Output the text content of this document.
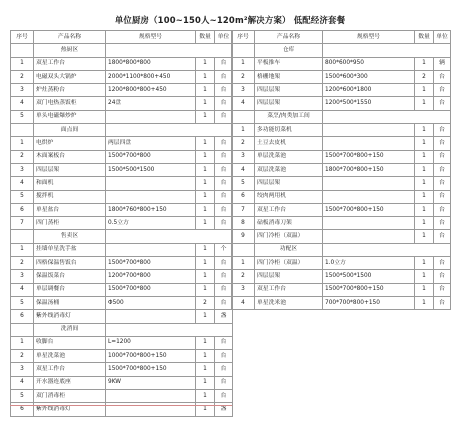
单位厨房（100~150人~120m²解决方案） 低配经济套餐
序号	产品名称	规格型号	数量	单位
	热厨区			
1	双星工作台	1800*800*800	1	台
2	电磁双头大锅炉	2000*1100*800+450	1	台
3	炉灶蒸粉台	1200*800*800+450	1	台
4	双门电热蒸饭柜	24盘	1	台
5	单头电磁爆炒炉		1	台
	面点间			
1	电烘炉	两层四盘	1	台
2	木面案板台	1500*700*800	1	台
3	四层层架	1500*500*1500	1	台
4	和面机		1	台
5	搅拌机		1	台
6	单星盆台	1800*760*800+150	1	台
7	四门蒸柜	0.5立方	1	台
	售卖区			
1	挂墙单星洗手盆		1	个
2	四格保温售饭台	1500*700*800	1	台
3	保温饭菜台	1200*700*800	1	台
4	单层调餐台	1500*700*800	1	台
5	保温汤桶	Φ500	2	台
6	紫外线消毒灯		1	盏
	洗消间			
1	收脚台	L=1200	1	台
2	单星洗菜池	1000*700*800+150	1	台
3	双星工作台	1500*700*800+150	1	台
4	开水器连底座	9KW	1	台
5	双门消毒柜		1	台
6	紫外线消毒灯		1	盏
序号	产品名称	规格型号	数量	单位
	仓库			
1	平板推车	800*600*950	1	辆
2	格栅地架	1500*600*300	2	台
3	四层层架	1200*600*1800	1	台
4	四层层架	1200*500*1550	1	台
	菜烹/肉类加工间			
1	多功能切菜机		1	台
2	土豆去皮机		1	台
3	单层洗菜池	1500*700*800+150	1	台
4	双层洗菜池	1800*700*800+150	1	台
5	四层层架		1	台
6	绞肉两用机		1	台
7	双星工作台	1500*700*800+150	1	台
8	砧板消毒刀架		1	台
9	四门冷柜（双温）		1	台
	功配区			
1	四门冷柜（双温）	1.0立方	1	台
2	四层层架	1500*500*1500	1	台
3	双星工作台	1500*700*800+150	1	台
4	单星洗米池	700*700*800+150	1	台
